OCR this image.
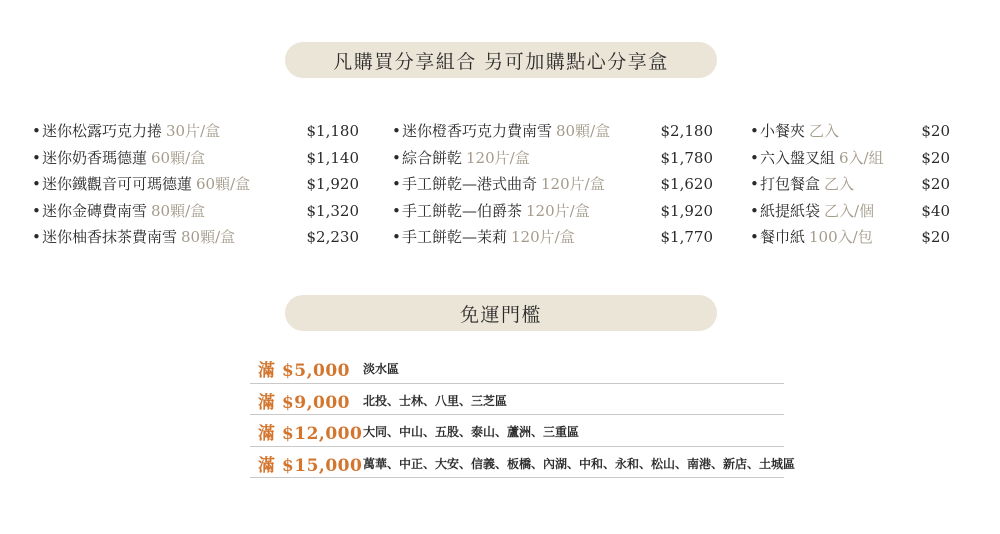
凡購買分享組合 另可加購點心分享盒
• 迷你松露巧克力捲 30片/盒	$1,180
• 迷你奶香瑪德蓮 60顆/盒	$1,140
• 迷你鐵觀音可可瑪德蓮 60顆/盒	$1,920
• 迷你金磚費南雪 80顆/盒	$1,320
• 迷你柚香抹茶費南雪 80顆/盒	$2,230
• 迷你橙香巧克力費南雪 80顆/盒	$2,180
• 綜合餅乾 120片/盒	$1,780
• 手工餅乾—港式曲奇 120片/盒	$1,620
• 手工餅乾—伯爵茶 120片/盒	$1,920
• 手工餅乾—茉莉 120片/盒	$1,770
• 小餐夾 乙入	$20
• 六入盤叉組 6入/組	$20
• 打包餐盒 乙入	$20
• 紙提紙袋 乙入/個	$40
• 餐巾紙 100入/包	$20
免運門檻
滿 $5,000 淡水區
滿 $9,000 北投、士林、八里、三芝區
滿 $12,000 大同、中山、五股、泰山、蘆洲、三重區
滿 $15,000 萬華、中正、大安、信義、板橋、內湖、中和、永和、松山、南港、新店、土城區
